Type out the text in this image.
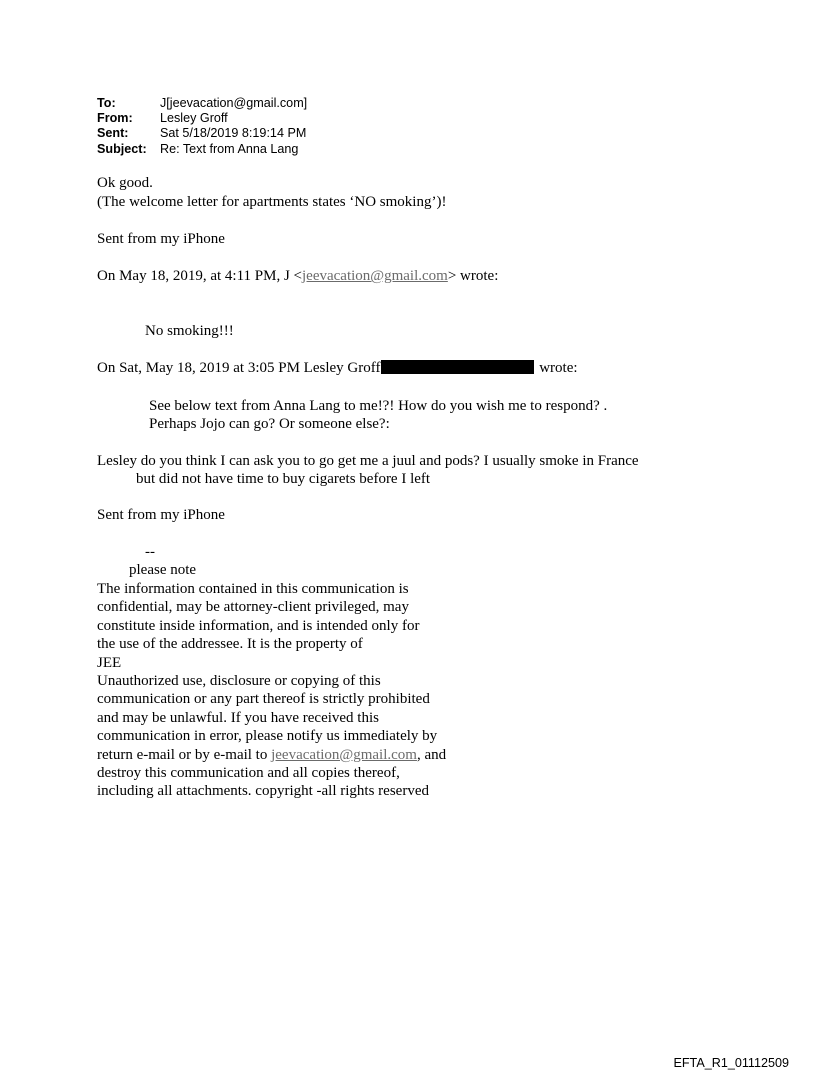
To:	J[jeevacation@gmail.com]
From: Lesley Groff
Sent:	Sat 5/18/2019 8:19:14 PM
Subject: Re: Text from Anna Lang
Ok good.
(The welcome letter for apartments states ‘NO smoking’)!
Sent from my iPhone
On May 18, 2019, at 4:11 PM, J <jeevacation@gmail.com> wrote:
No smoking!!!
On Sat, May 18, 2019 at 3:05 PM Lesley Groff	wrote:
See below text from Anna Lang to me!?! How do you wish me to respond? .
Perhaps Jojo can go? Or someone else?:
Lesley do you think I can ask you to go get me a juul and pods? I usually smoke in France
but did not have time to buy cigarets before I left
Sent from my iPhone
--
please note
The information contained in this communication is
confidential, may be attorney-client privileged, may
constitute inside information, and is intended only for
the use of the addressee. It is the property of
JEE
Unauthorized use, disclosure or copying of this
communication or any part thereof is strictly prohibited
and may be unlawful. If you have received this
communication in error, please notify us immediately by
return e-mail or by e-mail to jeevacation@gmail.com, and
destroy this communication and all copies thereof,
including all attachments. copyright -all rights reserved
EFTA_R1_01112509
